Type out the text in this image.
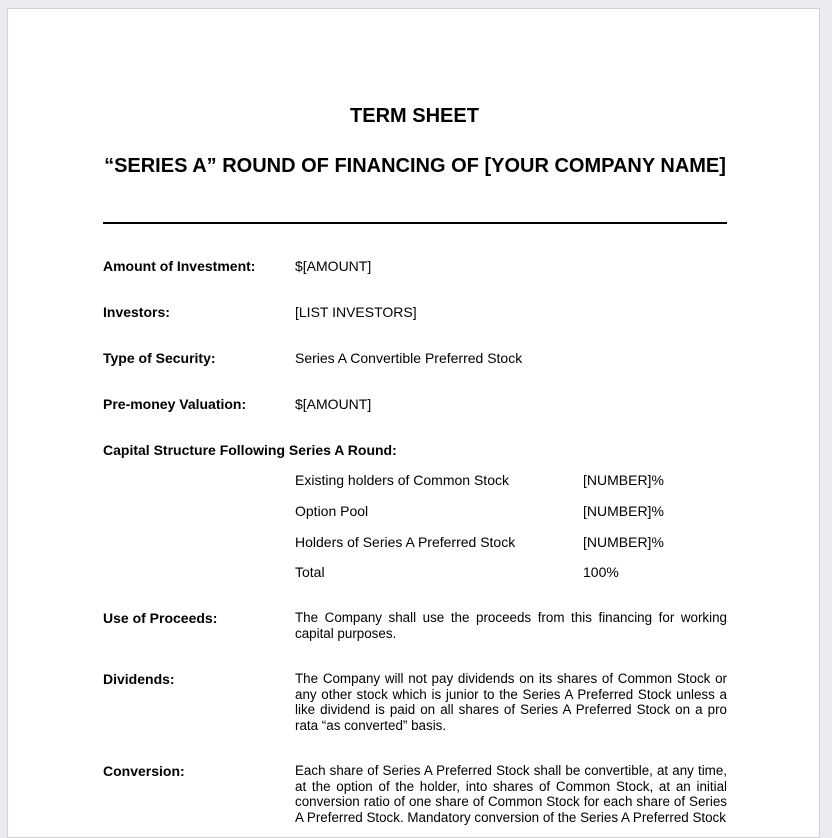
TERM SHEET
“SERIES A” ROUND OF FINANCING OF [YOUR COMPANY NAME]
Amount of Investment:	$[AMOUNT]
Investors:	[LIST INVESTORS]
Type of Security:	Series A Convertible Preferred Stock
Pre-money Valuation:	$[AMOUNT]
Capital Structure Following Series A Round:
Existing holders of Common Stock	[NUMBER]%
Option Pool	[NUMBER]%
Holders of Series A Preferred Stock	[NUMBER]%
Total	100%
Use of Proceeds:	The Company shall use the proceeds from this financing for working capital purposes.
Dividends:	The Company will not pay dividends on its shares of Common Stock or any other stock which is junior to the Series A Preferred Stock unless a like dividend is paid on all shares of Series A Preferred Stock on a pro rata “as converted” basis.
Conversion:	Each share of Series A Preferred Stock shall be convertible, at any time, at the option of the holder, into shares of Common Stock, at an initial conversion ratio of one share of Common Stock for each share of Series A Preferred Stock. Mandatory conversion of the Series A Preferred Stock
